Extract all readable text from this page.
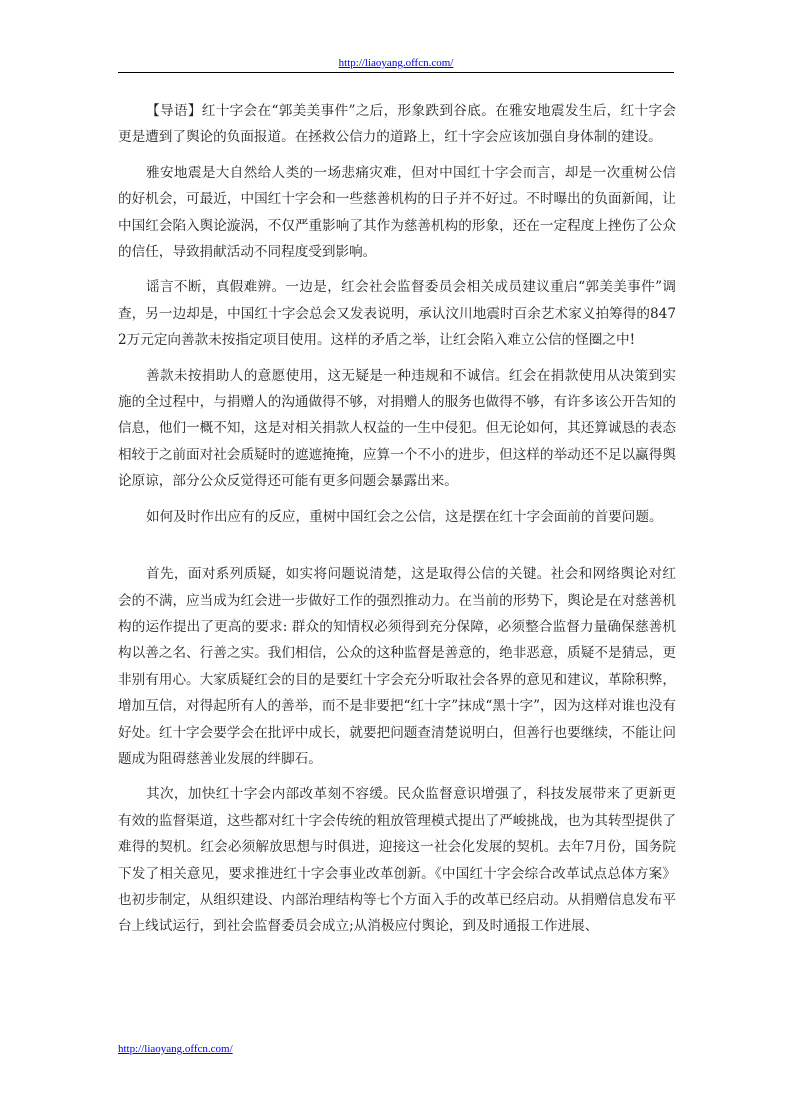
http://liaoyang.offcn.com/

【导语】红十字会在“郭美美事件”之后，形象跌到谷底。在雅安地震发生后，红十字会更是遭到了舆论的负面报道。在拯救公信力的道路上，红十字会应该加强自身体制的建设。

雅安地震是大自然给人类的一场悲痛灾难，但对中国红十字会而言，却是一次重树公信的好机会，可最近，中国红十字会和一些慈善机构的日子并不好过。不时曝出的负面新闻，让中国红会陷入舆论漩涡，不仅严重影响了其作为慈善机构的形象，还在一定程度上挫伤了公众的信任，导致捐献活动不同程度受到影响。

谣言不断，真假难辨。一边是，红会社会监督委员会相关成员建议重启“郭美美事件”调查，另一边却是，中国红十字会总会又发表说明，承认汶川地震时百余艺术家义拍筹得的8472万元定向善款未按指定项目使用。这样的矛盾之举，让红会陷入难立公信的怪圈之中!

善款未按捐助人的意愿使用，这无疑是一种违规和不诚信。红会在捐款使用从决策到实施的全过程中，与捐赠人的沟通做得不够，对捐赠人的服务也做得不够，有许多该公开告知的信息，他们一概不知，这是对相关捐款人权益的一生中侵犯。但无论如何，其还算诚恳的表态相较于之前面对社会质疑时的遮遮掩掩，应算一个不小的进步，但这样的举动还不足以赢得舆论原谅，部分公众反觉得还可能有更多问题会暴露出来。

如何及时作出应有的反应，重树中国红会之公信，这是摆在红十字会面前的首要问题。

首先，面对系列质疑，如实将问题说清楚，这是取得公信的关键。社会和网络舆论对红会的不满，应当成为红会进一步做好工作的强烈推动力。在当前的形势下，舆论是在对慈善机构的运作提出了更高的要求: 群众的知情权必须得到充分保障，必须整合监督力量确保慈善机构以善之名、行善之实。我们相信，公众的这种监督是善意的，绝非恶意，质疑不是猜忌，更非别有用心。大家质疑红会的目的是要红十字会充分听取社会各界的意见和建议，革除积弊，增加互信，对得起所有人的善举，而不是非要把“红十字”抹成“黑十字”，因为这样对谁也没有好处。红十字会要学会在批评中成长，就要把问题查清楚说明白，但善行也要继续，不能让问题成为阻碍慈善业发展的绊脚石。

其次，加快红十字会内部改革刻不容缓。民众监督意识增强了，科技发展带来了更新更有效的监督渠道，这些都对红十字会传统的粗放管理模式提出了严峻挑战，也为其转型提供了难得的契机。红会必须解放思想与时俱进，迎接这一社会化发展的契机。去年7月份，国务院下发了相关意见，要求推进红十字会事业改革创新。《中国红十字会综合改革试点总体方案》也初步制定，从组织建设、内部治理结构等七个方面入手的改革已经启动。从捐赠信息发布平台上线试运行，到社会监督委员会成立;从消极应付舆论，到及时通报工作进展、

http://liaoyang.offcn.com/
